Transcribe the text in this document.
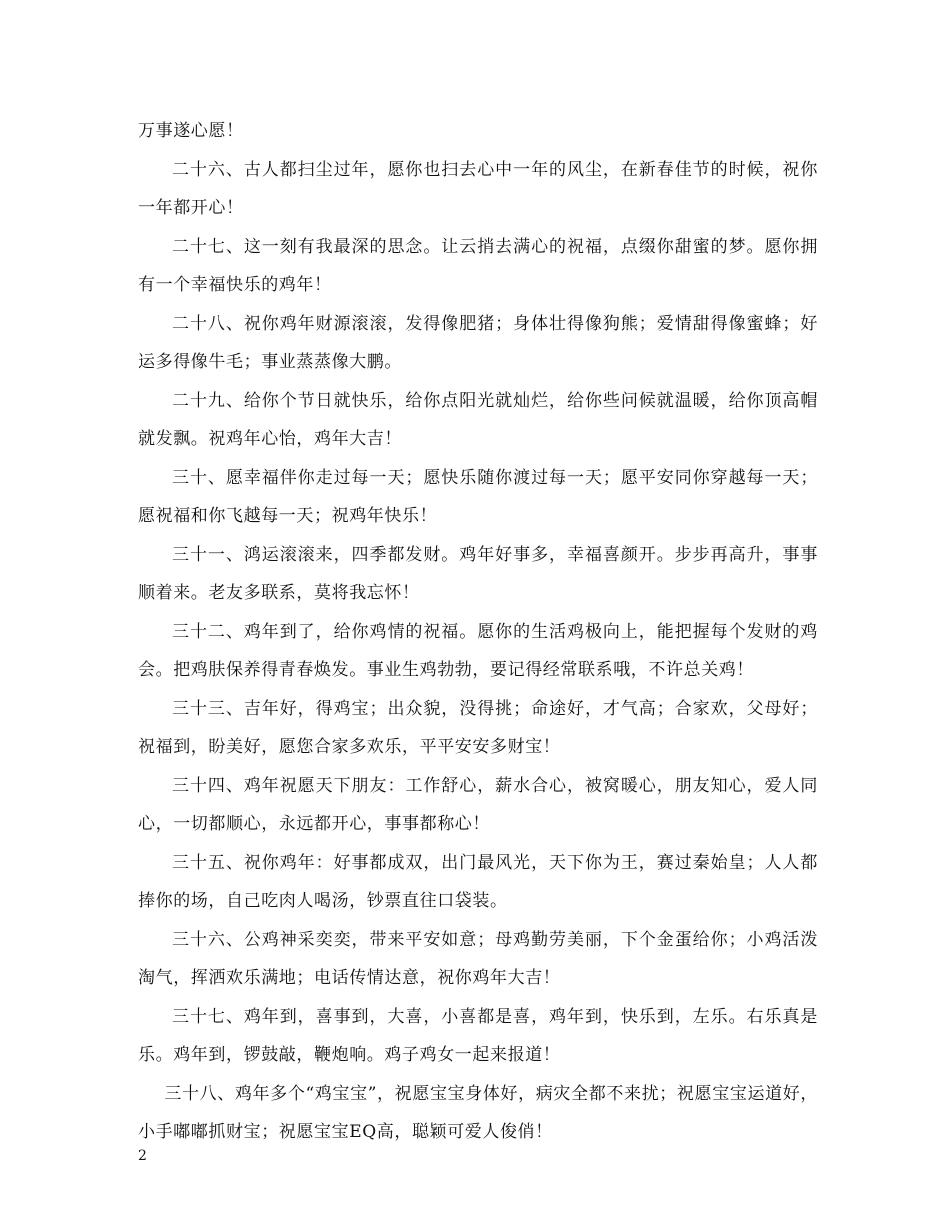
万事遂心愿！

二十六、古人都扫尘过年，愿你也扫去心中一年的风尘，在新春佳节的时候，祝你一年都开心！

二十七、这一刻有我最深的思念。让云捎去满心的祝福，点缀你甜蜜的梦。愿你拥有一个幸福快乐的鸡年！

二十八、祝你鸡年财源滚滚，发得像肥猪；身体壮得像狗熊；爱情甜得像蜜蜂；好运多得像牛毛；事业蒸蒸像大鹏。

二十九、给你个节日就快乐，给你点阳光就灿烂，给你些问候就温暖，给你顶高帽就发飘。祝鸡年心怡，鸡年大吉！

三十、愿幸福伴你走过每一天；愿快乐随你渡过每一天；愿平安同你穿越每一天；愿祝福和你飞越每一天；祝鸡年快乐！

三十一、鸿运滚滚来，四季都发财。鸡年好事多，幸福喜颜开。步步再高升，事事顺着来。老友多联系，莫将我忘怀！

三十二、鸡年到了，给你鸡情的祝福。愿你的生活鸡极向上，能把握每个发财的鸡会。把鸡肤保养得青春焕发。事业生鸡勃勃，要记得经常联系哦，不许总关鸡！

三十三、吉年好，得鸡宝；出众貌，没得挑；命途好，才气高；合家欢，父母好；祝福到，盼美好，愿您合家多欢乐，平平安安多财宝！

三十四、鸡年祝愿天下朋友：工作舒心，薪水合心，被窝暖心，朋友知心，爱人同心，一切都顺心，永远都开心，事事都称心！

三十五、祝你鸡年：好事都成双，出门最风光，天下你为王，赛过秦始皇；人人都捧你的场，自己吃肉人喝汤，钞票直往口袋装。

三十六、公鸡神采奕奕，带来平安如意；母鸡勤劳美丽，下个金蛋给你；小鸡活泼淘气，挥洒欢乐满地；电话传情达意，祝你鸡年大吉！

三十七、鸡年到，喜事到，大喜，小喜都是喜，鸡年到，快乐到，左乐。右乐真是乐。鸡年到，锣鼓敲，鞭炮响。鸡子鸡女一起来报道！

三十八、鸡年多个“鸡宝宝”，祝愿宝宝身体好，病灾全都不来扰；祝愿宝宝运道好，小手嘟嘟抓财宝；祝愿宝宝EQ高，聪颖可爱人俊俏！

2
